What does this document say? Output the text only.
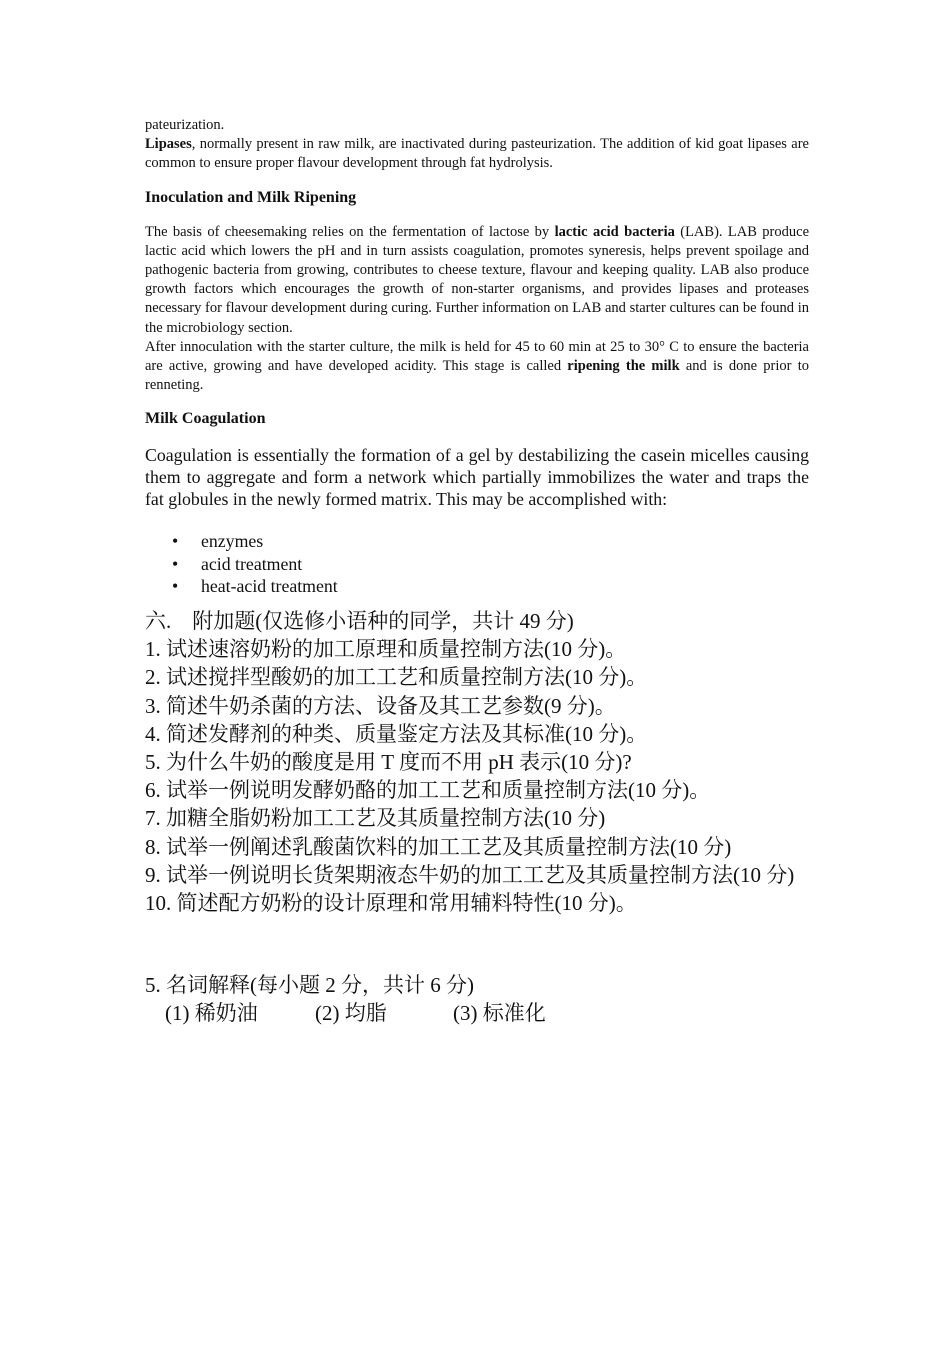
pateurization.

Lipases, normally present in raw milk, are inactivated during pasteurization. The addition of kid goat lipases are common to ensure proper flavour development through fat hydrolysis.

Inoculation and Milk Ripening

The basis of cheesemaking relies on the fermentation of lactose by lactic acid bacteria (LAB). LAB produce lactic acid which lowers the pH and in turn assists coagulation, promotes syneresis, helps prevent spoilage and pathogenic bacteria from growing, contributes to cheese texture, flavour and keeping quality. LAB also produce growth factors which encourages the growth of non-starter organisms, and provides lipases and proteases necessary for flavour development during curing. Further information on LAB and starter cultures can be found in the microbiology section.

After innoculation with the starter culture, the milk is held for 45 to 60 min at 25 to 30° C to ensure the bacteria are active, growing and have developed acidity. This stage is called ripening the milk and is done prior to renneting.

Milk Coagulation

Coagulation is essentially the formation of a gel by destabilizing the casein micelles causing them to aggregate and form a network which partially immobilizes the water and traps the fat globules in the newly formed matrix. This may be accomplished with:

• enzymes
• acid treatment
• heat-acid treatment

六.　附加题(仅选修小语种的同学，共计 49 分)

1. 试述速溶奶粉的加工原理和质量控制方法(10 分)。

2. 试述搅拌型酸奶的加工工艺和质量控制方法(10 分)。

3. 简述牛奶杀菌的方法、设备及其工艺参数(9 分)。

4. 简述发酵剂的种类、质量鉴定方法及其标准(10 分)。

5. 为什么牛奶的酸度是用 T 度而不用 pH 表示(10 分)?

6. 试举一例说明发酵奶酪的加工工艺和质量控制方法(10 分)。

7. 加糖全脂奶粉加工工艺及其质量控制方法(10 分)

8. 试举一例阐述乳酸菌饮料的加工工艺及其质量控制方法(10 分)

9. 试举一例说明长货架期液态牛奶的加工工艺及其质量控制方法(10 分)

10. 简述配方奶粉的设计原理和常用辅料特性(10 分)。

5. 名词解释(每小题 2 分，共计 6 分)

(1) 稀奶油	(2) 均脂	(3) 标准化
